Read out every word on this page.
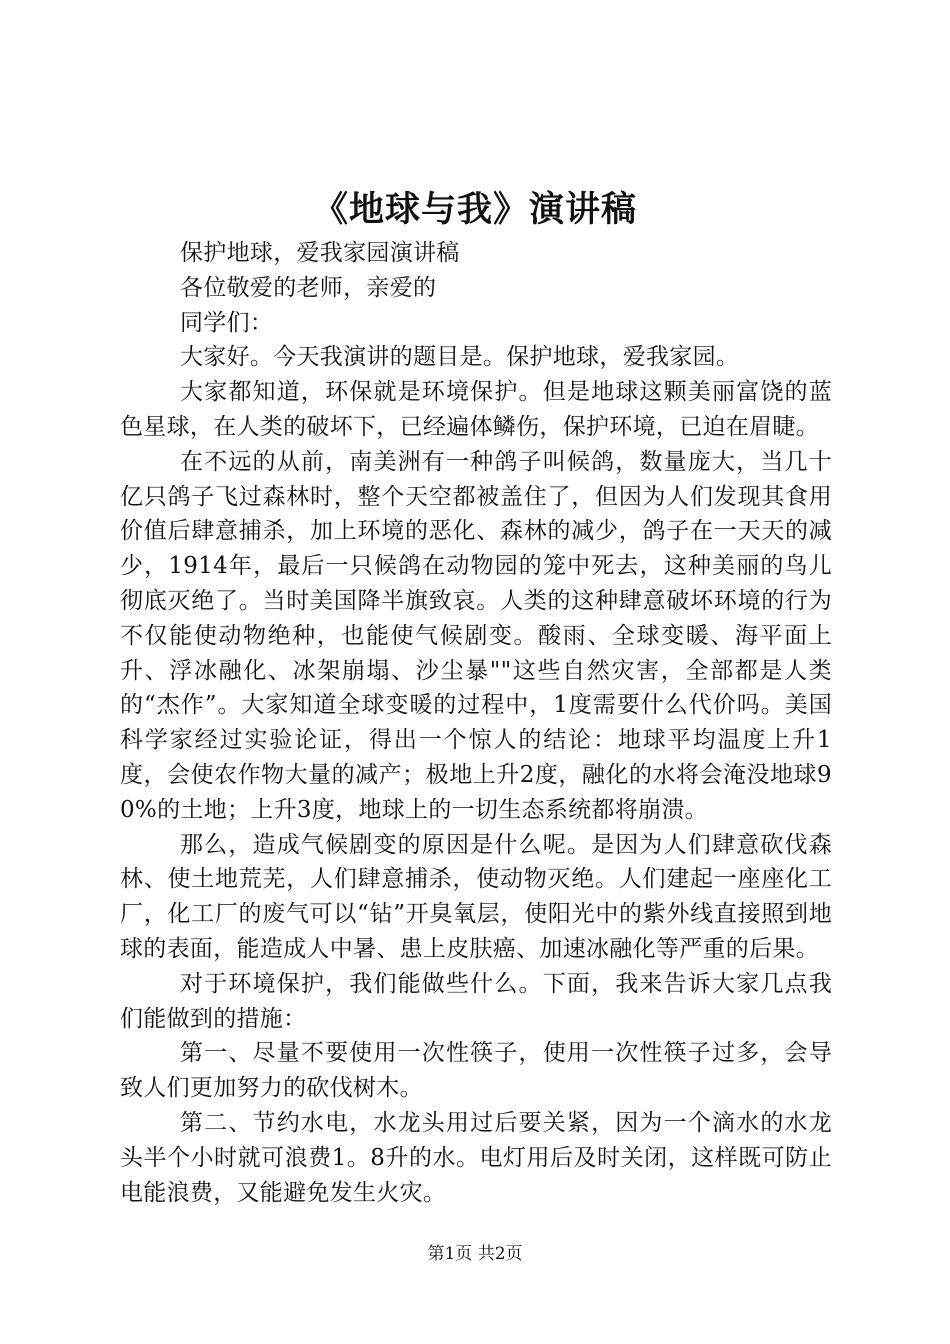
《地球与我》演讲稿

保护地球，爱我家园演讲稿

各位敬爱的老师，亲爱的

同学们：

大家好。今天我演讲的题目是。保护地球，爱我家园。

大家都知道，环保就是环境保护。但是地球这颗美丽富饶的蓝色星球，在人类的破坏下，已经遍体鳞伤，保护环境，已迫在眉睫。

在不远的从前，南美洲有一种鸽子叫候鸽，数量庞大，当几十亿只鸽子飞过森林时，整个天空都被盖住了，但因为人们发现其食用价值后肆意捕杀，加上环境的恶化、森林的减少，鸽子在一天天的减少，1914年，最后一只候鸽在动物园的笼中死去，这种美丽的鸟儿彻底灭绝了。当时美国降半旗致哀。人类的这种肆意破坏环境的行为不仅能使动物绝种，也能使气候剧变。酸雨、全球变暖、海平面上升、浮冰融化、冰架崩塌、沙尘暴""这些自然灾害，全部都是人类的“杰作”。大家知道全球变暖的过程中，1度需要什么代价吗。美国科学家经过实验论证，得出一个惊人的结论：地球平均温度上升1度，会使农作物大量的减产；极地上升2度，融化的水将会淹没地球90%的土地；上升3度，地球上的一切生态系统都将崩溃。

那么，造成气候剧变的原因是什么呢。是因为人们肆意砍伐森林、使土地荒芜，人们肆意捕杀，使动物灭绝。人们建起一座座化工厂，化工厂的废气可以“钻”开臭氧层，使阳光中的紫外线直接照到地球的表面，能造成人中暑、患上皮肤癌、加速冰融化等严重的后果。

对于环境保护，我们能做些什么。下面，我来告诉大家几点我们能做到的措施：

第一、尽量不要使用一次性筷子，使用一次性筷子过多，会导致人们更加努力的砍伐树木。

第二、节约水电，水龙头用过后要关紧，因为一个滴水的水龙头半个小时就可浪费1。8升的水。电灯用后及时关闭，这样既可防止电能浪费，又能避免发生火灾。

第1页 共2页
